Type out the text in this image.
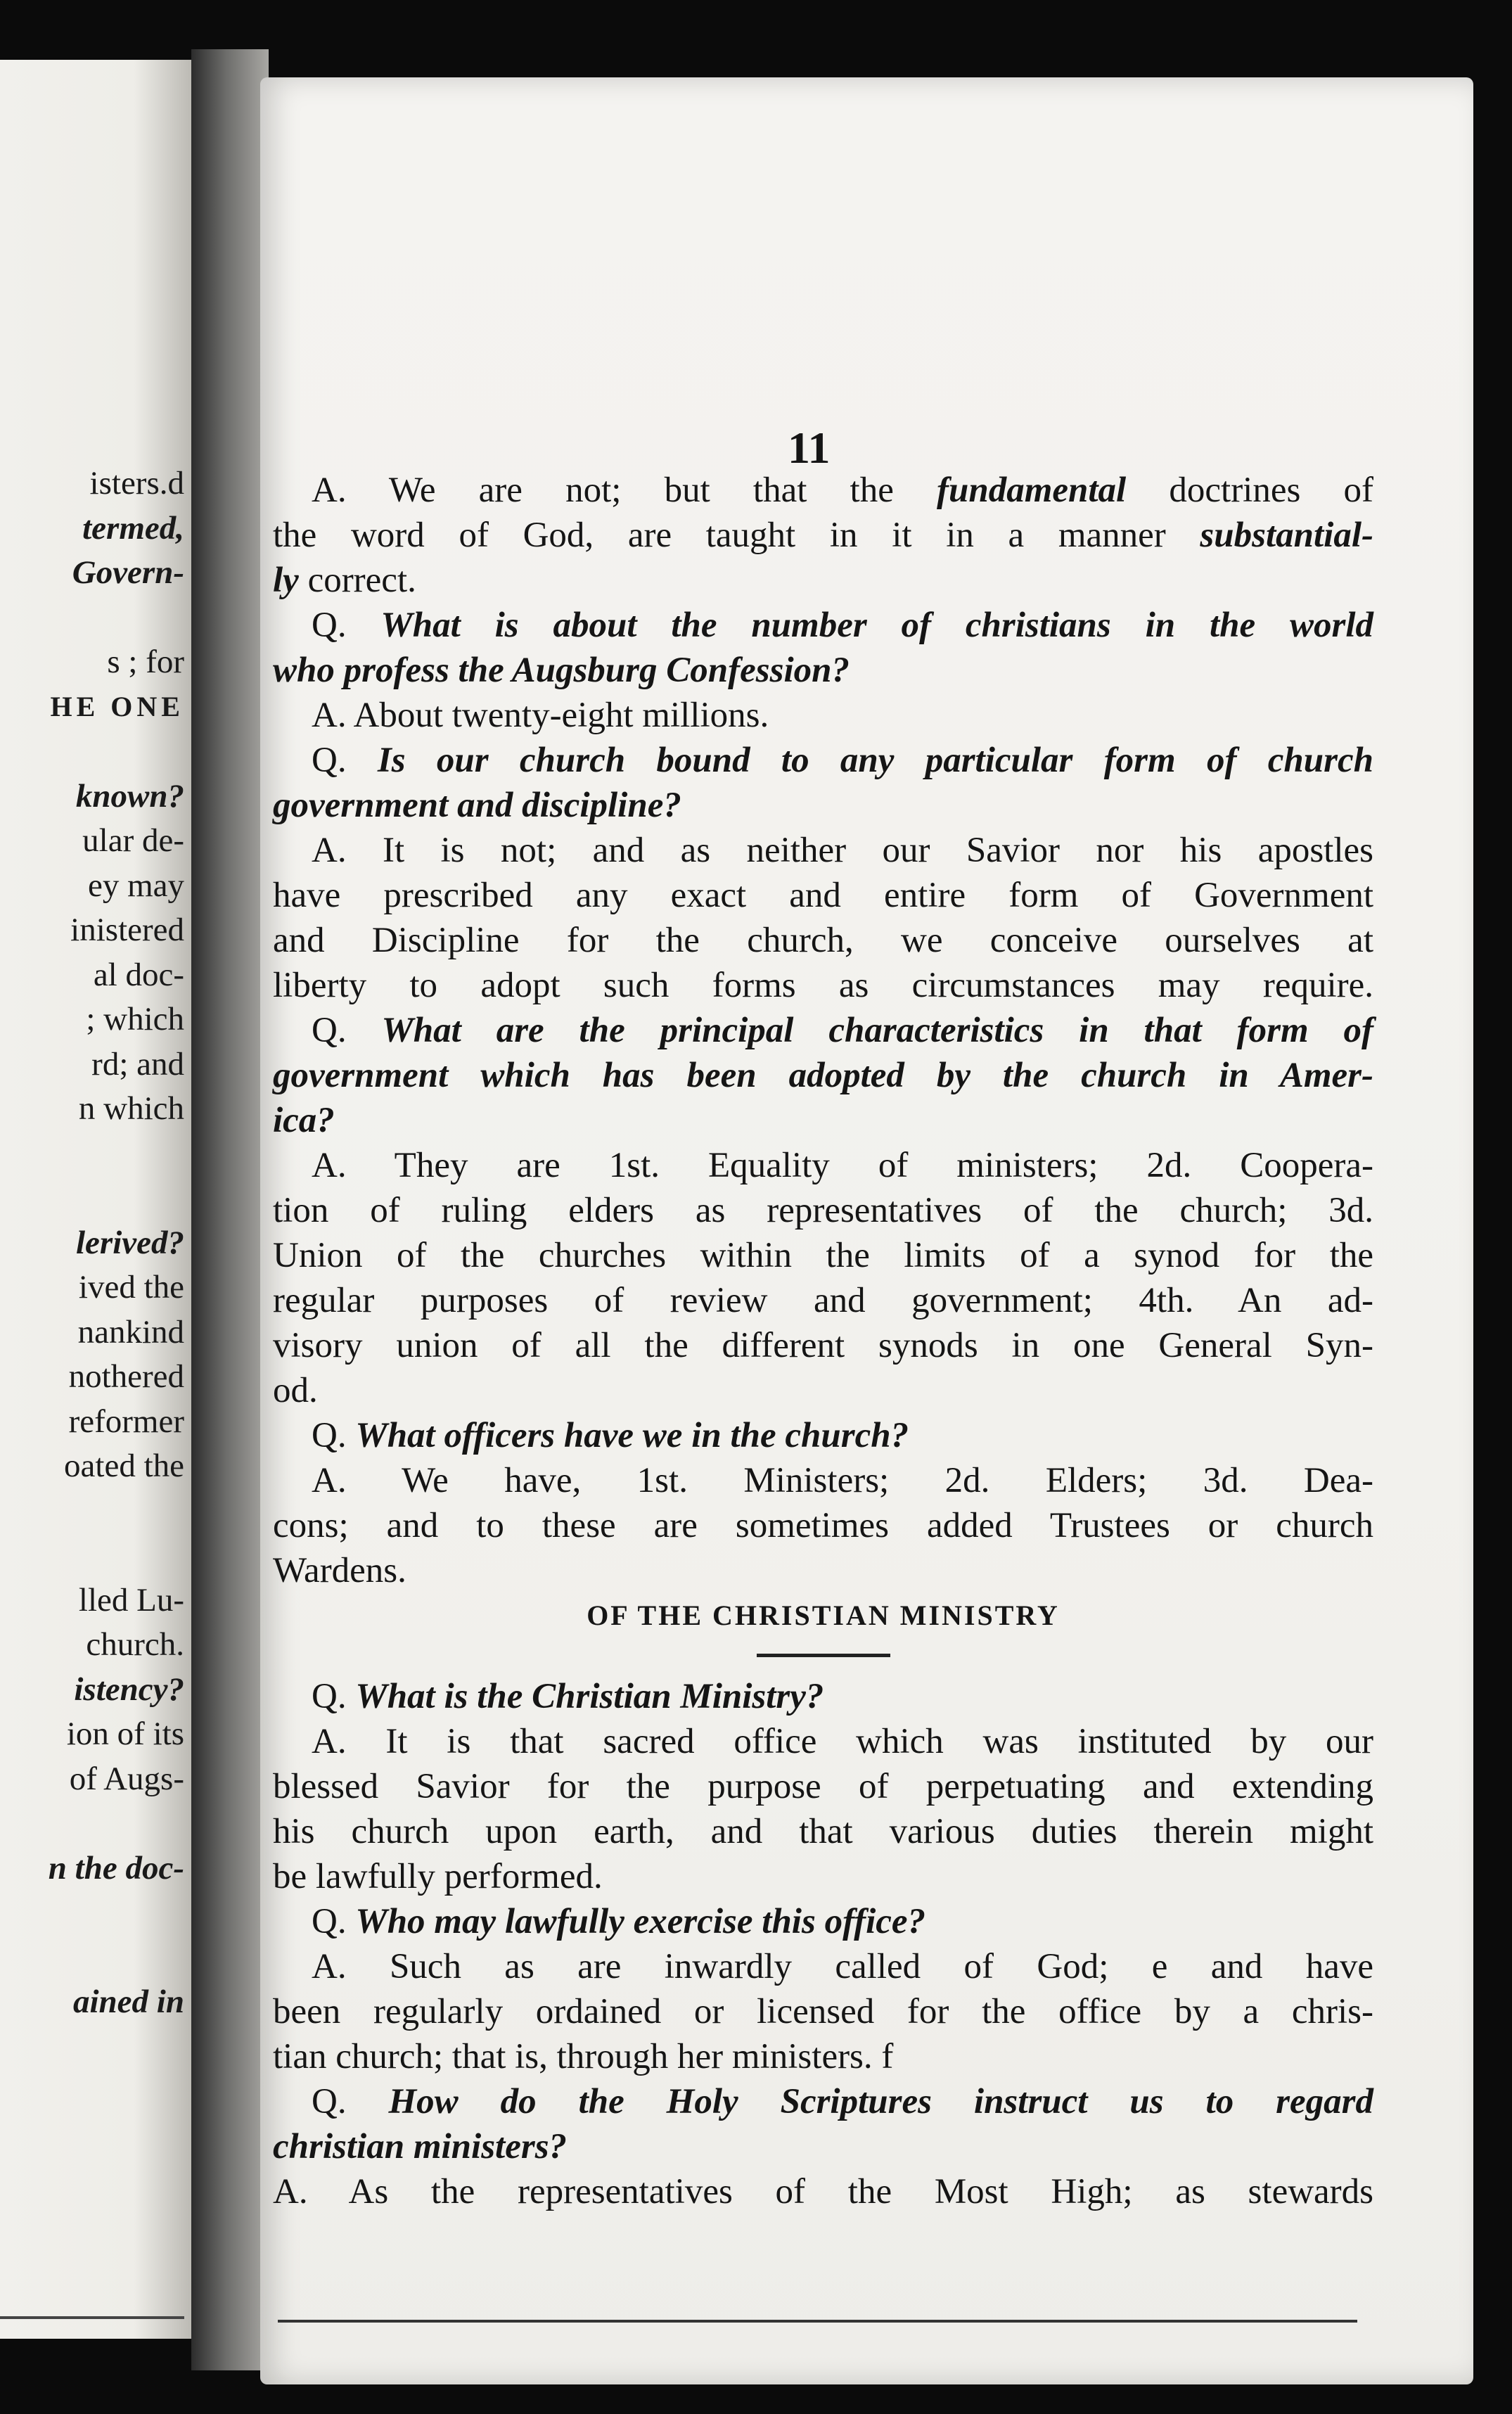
isters.d
termed,
Govern-
s ; for
HE ONE
known?
ular de-
ey may
inistered
al doc-
; which
rd; and
n which
lerived?
ived the
nankind
nothered
reformer
oated the
lled Lu-
church.
istency?
ion of its
of Augs-
n the doc-
ained in
11
A. We are not; but that the fundamental doctrines of
the word of God, are taught in it in a manner substantial-
ly correct.
Q. What is about the number of christians in the world
who profess the Augsburg Confession?
A. About twenty-eight millions.
Q. Is our church bound to any particular form of church
government and discipline?
A. It is not; and as neither our Savior nor his apostles
have prescribed any exact and entire form of Government
and Discipline for the church, we conceive ourselves at
liberty to adopt such forms as circumstances may require.
Q. What are the principal characteristics in that form of
government which has been adopted by the church in Amer-
ica?
A. They are 1st. Equality of ministers; 2d. Coopera-
tion of ruling elders as representatives of the church; 3d.
Union of the churches within the limits of a synod for the
regular purposes of review and government; 4th. An ad-
visory union of all the different synods in one General Syn-
od.
Q. What officers have we in the church?
A. We have, 1st. Ministers; 2d. Elders; 3d. Dea-
cons; and to these are sometimes added Trustees or church
Wardens.
OF THE CHRISTIAN MINISTRY
Q. What is the Christian Ministry?
A. It is that sacred office which was instituted by our
blessed Savior for the purpose of perpetuating and extending
his church upon earth, and that various duties therein might
be lawfully performed.
Q. Who may lawfully exercise this office?
A. Such as are inwardly called of God; e and have
been regularly ordained or licensed for the office by a chris-
tian church; that is, through her ministers. f
Q. How do the Holy Scriptures instruct us to regard
christian ministers?
A. As the representatives of the Most High; as stewards
